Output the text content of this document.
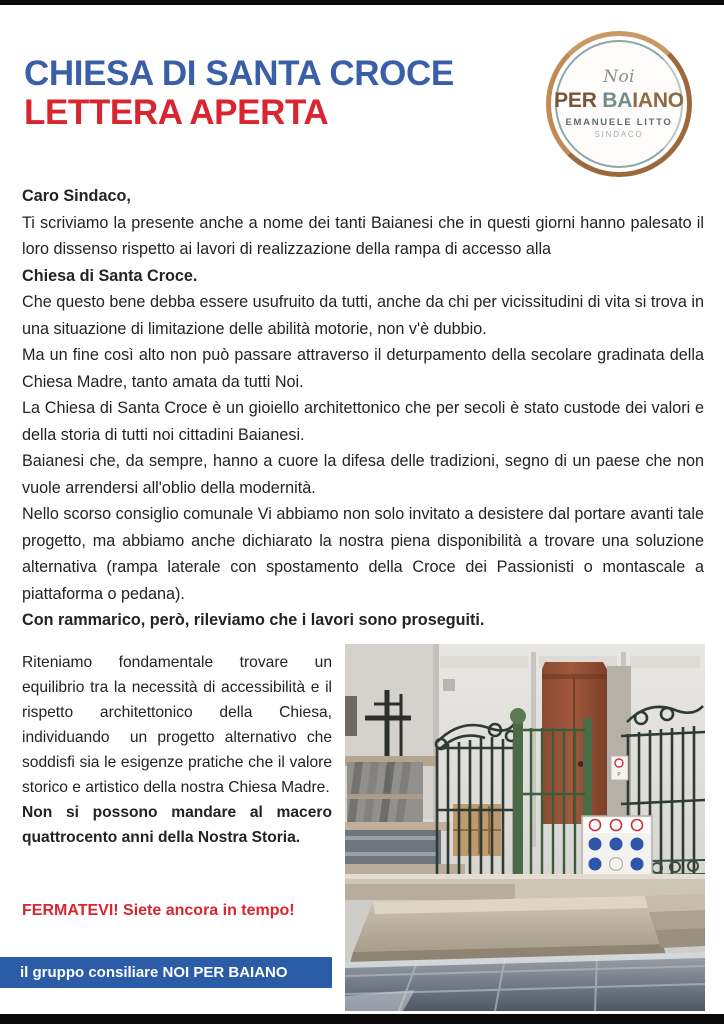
CHIESA DI SANTA CROCE
LETTERA APERTA
Noi
PER BAIANO
EMANUELE LITTO
SINDACO
Caro Sindaco,
Ti scriviamo la presente anche a nome dei tanti Baianesi che in questi giorni hanno palesato il loro dissenso rispetto ai lavori di realizzazione della rampa di accesso alla
Chiesa di Santa Croce.
Che questo bene debba essere usufruito da tutti, anche da chi per vicissitudini di vita si trova in una situazione di limitazione delle abilità motorie, non v'è dubbio.
Ma un fine così alto non può passare attraverso il deturpamento della secolare gradinata della Chiesa Madre, tanto amata da tutti Noi.
La Chiesa di Santa Croce è un gioiello architettonico che per secoli è stato custode dei valori e della storia di tutti noi cittadini Baianesi.
Baianesi che, da sempre, hanno a cuore la difesa delle tradizioni, segno di un paese che non vuole arrendersi all'oblio della modernità.
Nello scorso consiglio comunale Vi abbiamo non solo invitato a desistere dal portare avanti tale progetto, ma abbiamo anche dichiarato la nostra piena disponibilità a trovare una soluzione alternativa (rampa laterale con spostamento della Croce dei Passionisti o montascale a piattaforma o pedana).
Con rammarico, però, rileviamo che i lavori sono proseguiti.
Riteniamo fondamentale trovare un equilibrio tra la necessità di accessibilità e il rispetto architettonico della Chiesa, individuando  un progetto alternativo che soddisfi sia le esigenze pratiche che il valore storico e artistico della nostra Chiesa Madre.
Non si possono mandare al macero quattrocento anni della Nostra Storia.
FERMATEVI! Siete ancora in tempo!
il gruppo consiliare NOI PER BAIANO
P
